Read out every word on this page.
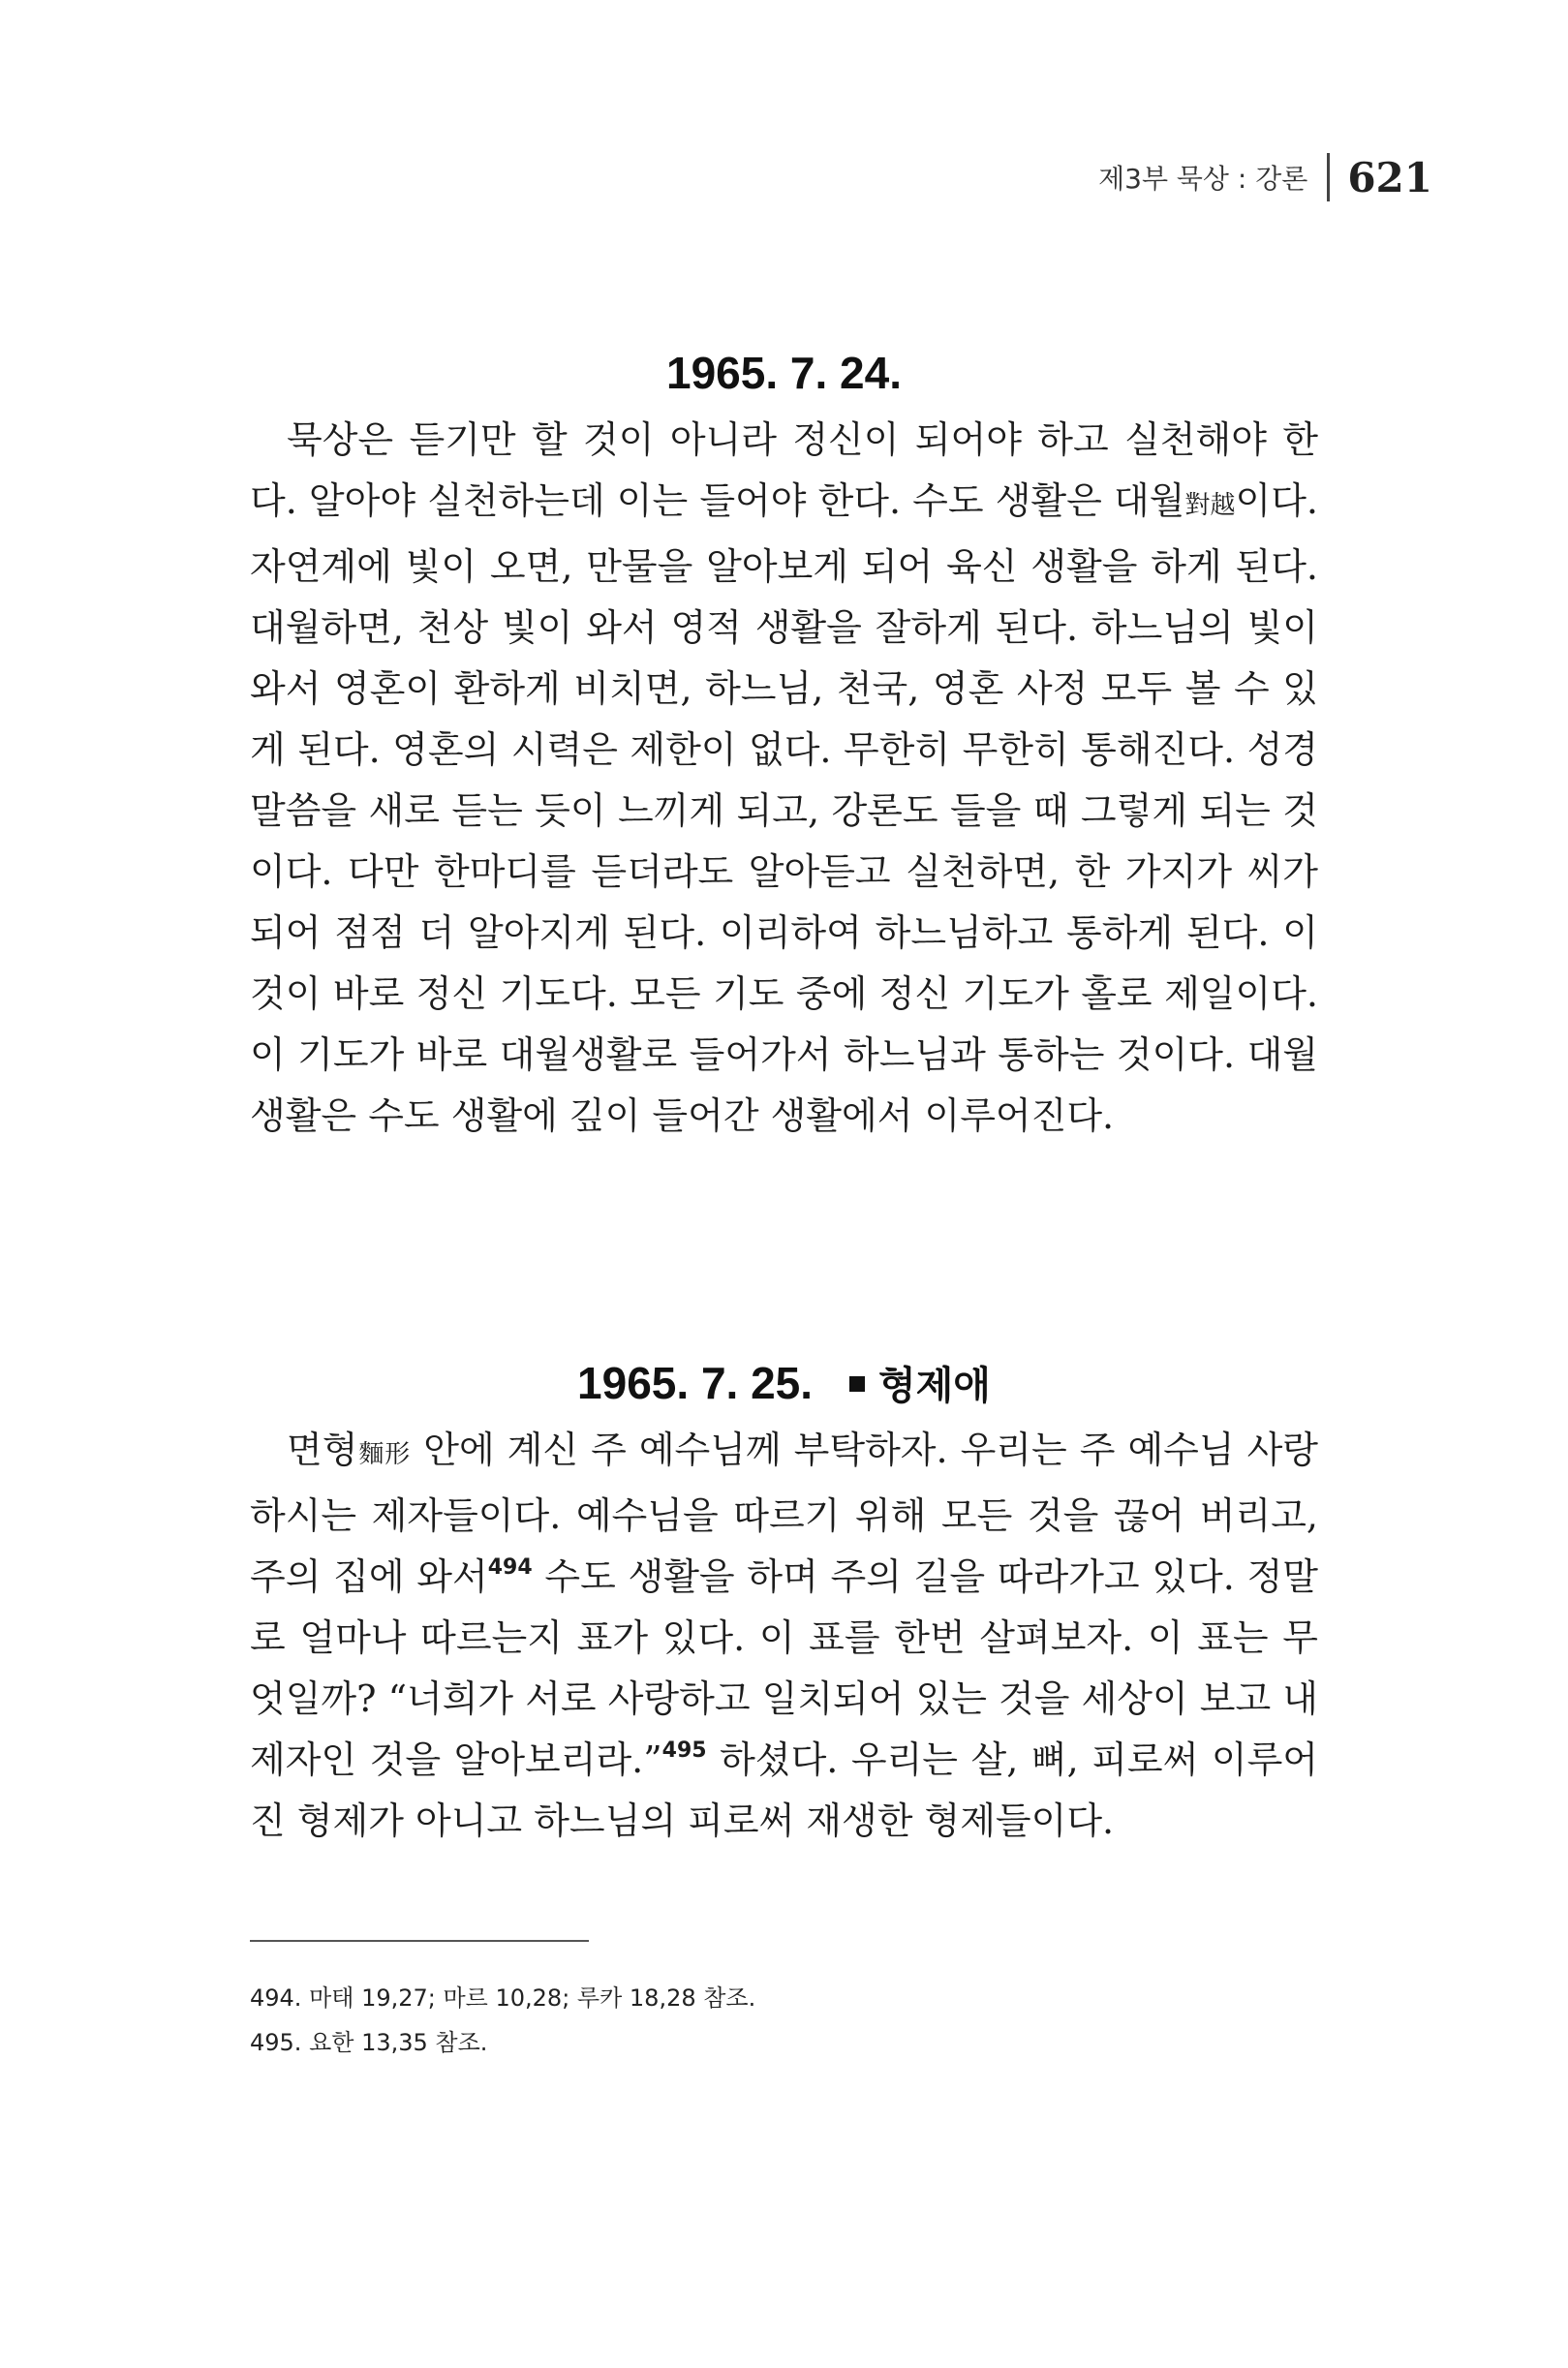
제3부 묵상 : 강론 621
1965. 7. 24.

묵상은 듣기만 할 것이 아니라 정신이 되어야 하고 실천해야 한다. 알아야 실천하는데 이는 들어야 한다. 수도 생활은 대월對越이다. 자연계에 빛이 오면, 만물을 알아보게 되어 육신 생활을 하게 된다. 대월하면, 천상 빛이 와서 영적 생활을 잘하게 된다. 하느님의 빛이 와서 영혼이 환하게 비치면, 하느님, 천국, 영혼 사정 모두 볼 수 있게 된다. 영혼의 시력은 제한이 없다. 무한히 무한히 통해진다. 성경 말씀을 새로 듣는 듯이 느끼게 되고, 강론도 들을 때 그렇게 되는 것이다. 다만 한마디를 듣더라도 알아듣고 실천하면, 한 가지가 씨가 되어 점점 더 알아지게 된다. 이리하여 하느님하고 통하게 된다. 이것이 바로 정신 기도다. 모든 기도 중에 정신 기도가 홀로 제일이다. 이 기도가 바로 대월생활로 들어가서 하느님과 통하는 것이다. 대월생활은 수도 생활에 깊이 들어간 생활에서 이루어진다.

1965. 7. 25. 형제애

면형麵形 안에 계신 주 예수님께 부탁하자. 우리는 주 예수님 사랑하시는 제자들이다. 예수님을 따르기 위해 모든 것을 끊어 버리고, 주의 집에 와서$^{494}$ 수도 생활을 하며 주의 길을 따라가고 있다. 정말로 얼마나 따르는지 표가 있다. 이 표를 한번 살펴보자. 이 표는 무엇일까? “너희가 서로 사랑하고 일치되어 있는 것을 세상이 보고 내 제자인 것을 알아보리라.”$^{495}$ 하셨다. 우리는 살, 뼈, 피로써 이루어진 형제가 아니고 하느님의 피로써 재생한 형제들이다.

494. 마태 19,27; 마르 10,28; 루카 18,28 참조.
495. 요한 13,35 참조.
